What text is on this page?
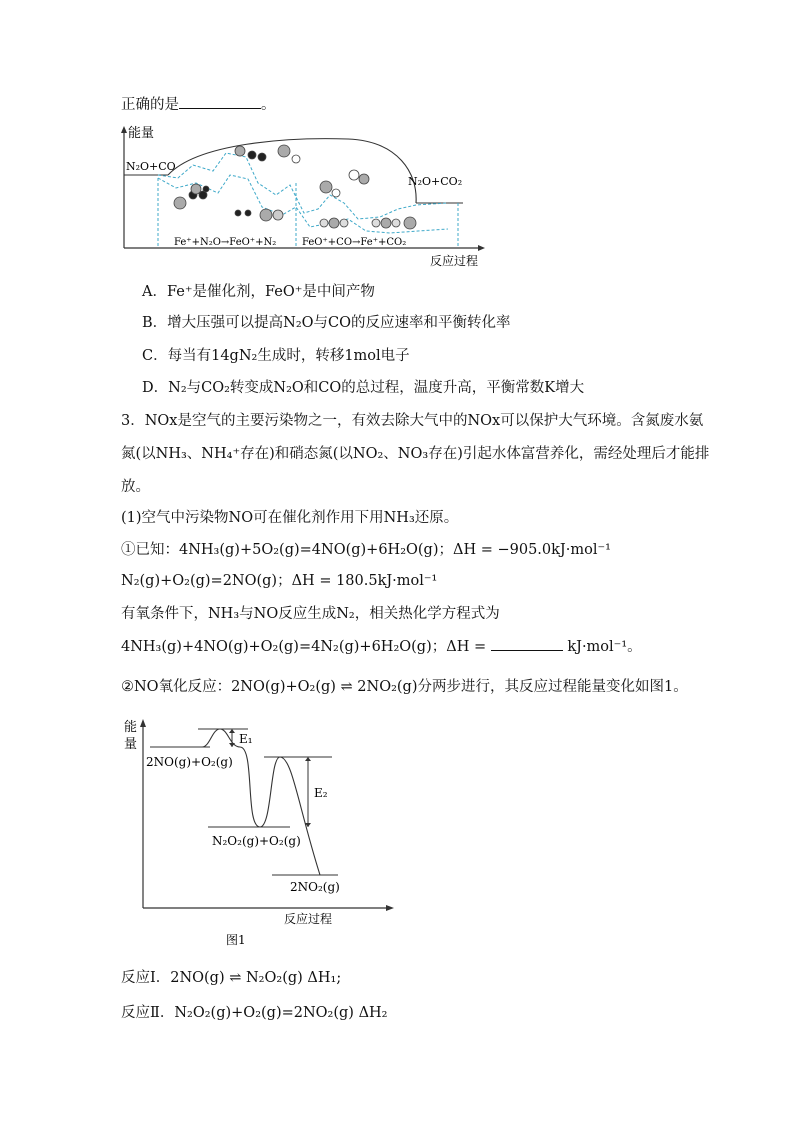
正确的是	。
能量
N₂O+CO
N₂O+CO₂
Fe⁺+N₂O→FeO⁺+N₂	FeO⁺+CO→Fe⁺+CO₂
反应过程
A．Fe⁺是催化剂，FeO⁺是中间产物
B．增大压强可以提高N₂O与CO的反应速率和平衡转化率
C．每当有14gN₂生成时，转移1mol电子
D．N₂与CO₂转变成N₂O和CO的总过程，温度升高，平衡常数K增大
3．NOx是空气的主要污染物之一，有效去除大气中的NOx可以保护大气环境。含氮废水氨
氮(以NH₃、NH₄⁺存在)和硝态氮(以NO₂、NO₃存在)引起水体富营养化，需经处理后才能排
放。
(1)空气中污染物NO可在催化剂作用下用NH₃还原。
①已知：4NH₃(g)+5O₂(g)=4NO(g)+6H₂O(g)；ΔH = −905.0kJ·mol⁻¹
N₂(g)+O₂(g)=2NO(g)；ΔH = 180.5kJ·mol⁻¹
有氧条件下，NH₃与NO反应生成N₂，相关热化学方程式为
4NH₃(g)+4NO(g)+O₂(g)=4N₂(g)+6H₂O(g)；ΔH =	kJ·mol⁻¹。
②NO氧化反应：2NO(g)+O₂(g) ⇌ 2NO₂(g)分两步进行，其反应过程能量变化如图1。
能
量	E₁
E₂
2NO(g)+O₂(g)
N₂O₂(g)+O₂(g)
2NO₂(g)
反应过程
图1
反应Ⅰ．2NO(g) ⇌ N₂O₂(g) ΔH₁;
反应Ⅱ．N₂O₂(g)+O₂(g)=2NO₂(g) ΔH₂
